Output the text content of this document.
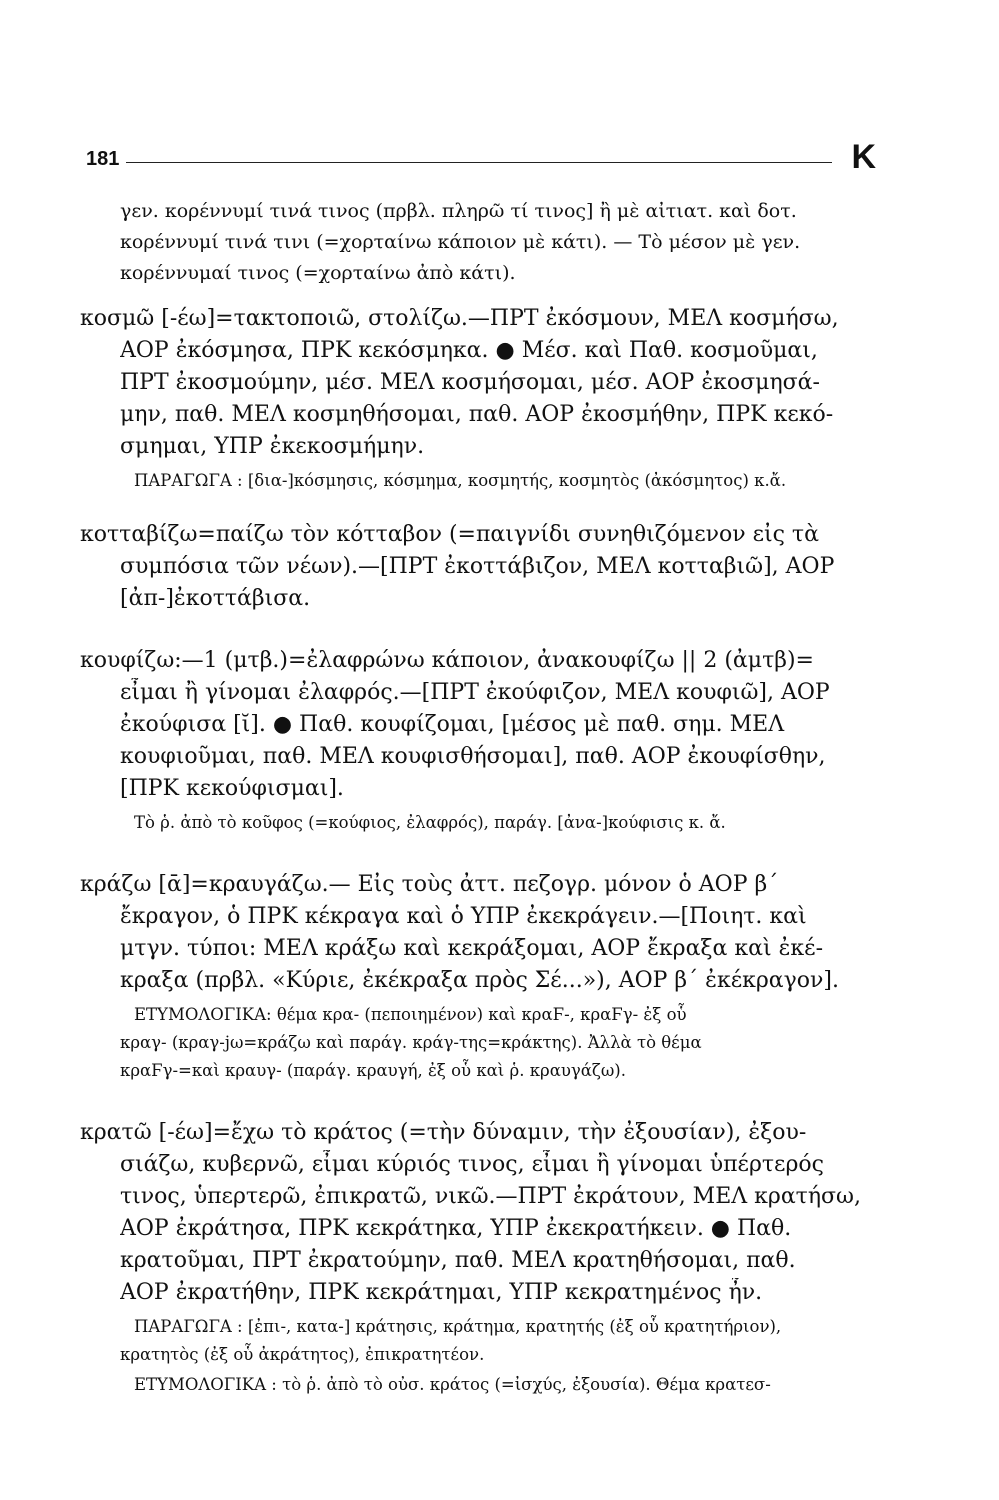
181	Κ
γεν. κορέννυμί τινά τινος (πρβλ. πληρῶ τί τινος] ἢ μὲ αἰτιατ. καὶ δοτ.
κορέννυμί τινά τινι (=χορταίνω κάποιον μὲ κάτι). — Τὸ μέσον μὲ γεν.
κορέννυμαί τινος (=χορταίνω ἀπὸ κάτι).
κοσμῶ [-έω]=τακτοποιῶ, στολίζω.—ΠΡΤ ἐκόσμουν, ΜΕΛ κοσμήσω,
ΑΟΡ ἐκόσμησα, ΠΡΚ κεκόσμηκα. ● Μέσ. καὶ Παθ. κοσμοῦμαι,
ΠΡΤ ἐκοσμούμην, μέσ. ΜΕΛ κοσμήσομαι, μέσ. ΑΟΡ ἐκοσμησά-
μην, παθ. ΜΕΛ κοσμηθήσομαι, παθ. ΑΟΡ ἐκοσμήθην, ΠΡΚ κεκό-
σμημαι, ΥΠΡ ἐκεκοσμήμην.
ΠΑΡΑΓΩΓΑ : [δια-]κόσμησις, κόσμημα, κοσμητής, κοσμητὸς (ἀκόσμητος) κ.ἄ.
κοτταβίζω=παίζω τὸν κότταβον (=παιγνίδι συνηθιζόμενον εἰς τὰ
συμπόσια τῶν νέων).—[ΠΡΤ ἐκοττάβιζον, ΜΕΛ κοτταβιῶ], ΑΟΡ
[ἀπ-]ἐκοττάβισα.
κουφίζω:—1 (μτβ.)=ἐλαφρώνω κάποιον, ἀνακουφίζω || 2 (ἀμτβ)=
εἶμαι ἢ γίνομαι ἐλαφρός.—[ΠΡΤ ἐκούφιζον, ΜΕΛ κουφιῶ], ΑΟΡ
ἐκούφισα [ῐ]. ● Παθ. κουφίζομαι, [μέσος μὲ παθ. σημ. ΜΕΛ
κουφιοῦμαι, παθ. ΜΕΛ κουφισθήσομαι], παθ. ΑΟΡ ἐκουφίσθην,
[ΠΡΚ κεκούφισμαι].
Τὸ ῥ. ἀπὸ τὸ κοῦφος (=κούφιος, ἐλαφρός), παράγ. [ἀνα-]κούφισις κ. ἄ.
κράζω [ᾱ]=κραυγάζω.— Εἰς τοὺς ἀττ. πεζογρ. μόνον ὁ ΑΟΡ β΄
ἔκραγον, ὁ ΠΡΚ κέκραγα καὶ ὁ ΥΠΡ ἐκεκράγειν.—[Ποιητ. καὶ
μτγν. τύποι: ΜΕΛ κράξω καὶ κεκράξομαι, ΑΟΡ ἔκραξα καὶ ἐκέ-
κραξα (πρβλ. «Κύριε, ἐκέκραξα πρὸς Σέ...»), ΑΟΡ β΄ ἐκέκραγον].
ΕΤΥΜΟΛΟΓΙΚΑ: θέμα κρα- (πεποιημένον) καὶ κραϜ-, κραϜγ- ἐξ οὗ
κραγ- (κραγ-jω=κράζω καὶ παράγ. κράγ-της=κράκτης). Ἀλλὰ τὸ θέμα
κραϜγ-=καὶ κραυγ- (παράγ. κραυγή, ἐξ οὗ καὶ ῥ. κραυγάζω).
κρατῶ [-έω]=ἔχω τὸ κράτος (=τὴν δύναμιν, τὴν ἐξουσίαν), ἐξου-
σιάζω, κυβερνῶ, εἶμαι κύριός τινος, εἶμαι ἢ γίνομαι ὑπέρτερός
τινος, ὑπερτερῶ, ἐπικρατῶ, νικῶ.—ΠΡΤ ἐκράτουν, ΜΕΛ κρατήσω,
ΑΟΡ ἐκράτησα, ΠΡΚ κεκράτηκα, ΥΠΡ ἐκεκρατήκειν. ● Παθ.
κρατοῦμαι, ΠΡΤ ἐκρατούμην, παθ. ΜΕΛ κρατηθήσομαι, παθ.
ΑΟΡ ἐκρατήθην, ΠΡΚ κεκράτημαι, ΥΠΡ κεκρατημένος ἦν.
ΠΑΡΑΓΩΓΑ : [ἐπι-, κατα-] κράτησις, κράτημα, κρατητής (ἐξ οὗ κρατητήριον),
κρατητὸς (ἐξ οὗ ἀκράτητος), ἐπικρατητέον.
ΕΤΥΜΟΛΟΓΙΚΑ : τὸ ῥ. ἀπὸ τὸ οὐσ. κράτος (=ἰσχύς, ἐξουσία). Θέμα κρατεσ-
